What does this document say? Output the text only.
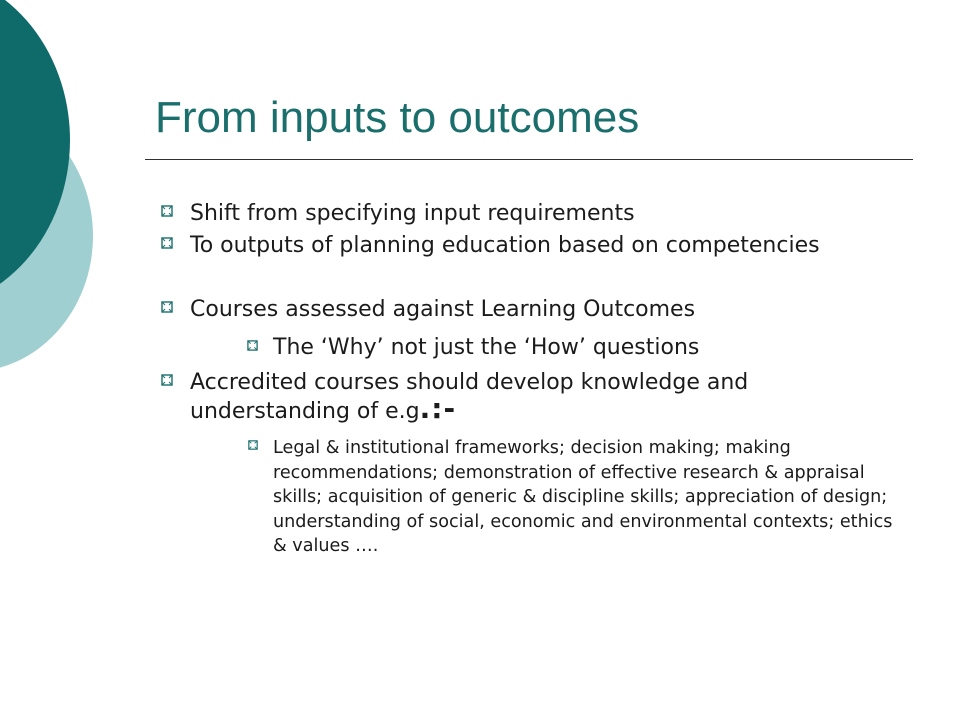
From inputs to outcomes
Shift from specifying input requirements
To outputs of planning education based on competencies
Courses assessed against Learning Outcomes
The ‘Why’ not just the ‘How’ questions
Accredited courses should develop knowledge and understanding of e.g.:-
Legal & institutional frameworks; decision making; making recommendations; demonstration of effective research & appraisal skills; acquisition of generic & discipline skills; appreciation of design; understanding of social, economic and environmental contexts; ethics & values ….
